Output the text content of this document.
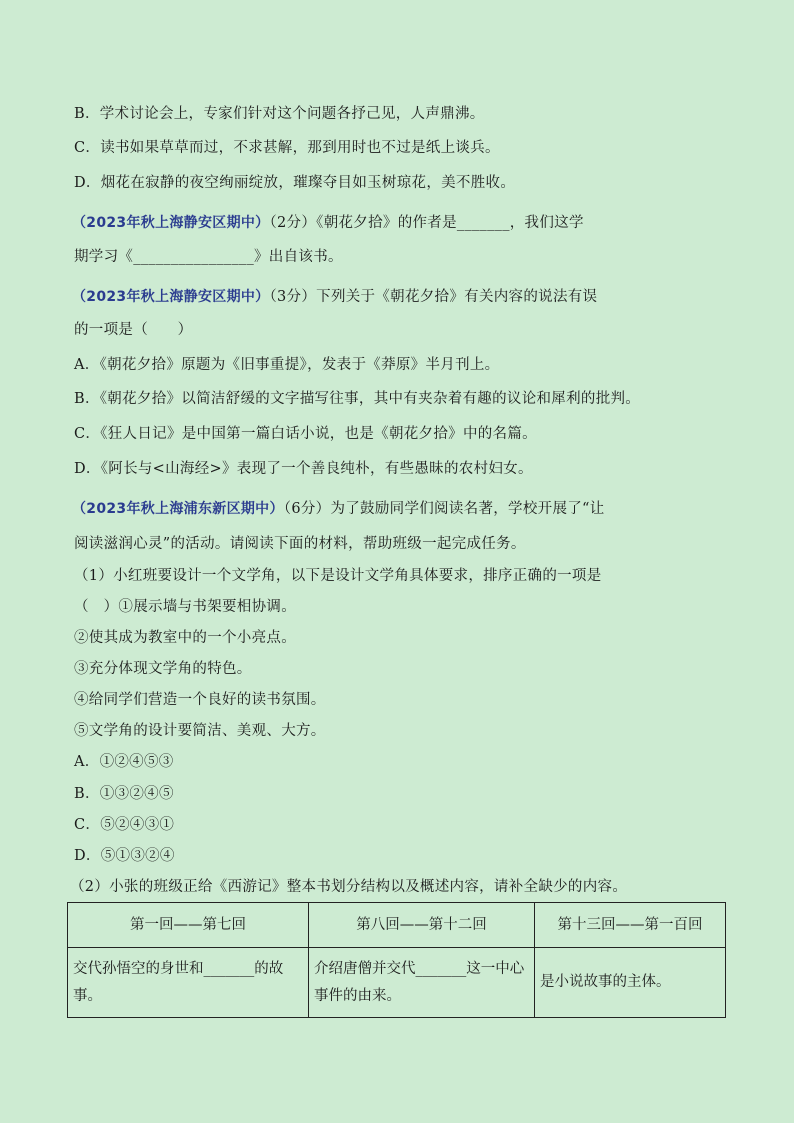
B．学术讨论会上，专家们针对这个问题各抒己见，人声鼎沸。
C．读书如果草草而过，不求甚解，那到用时也不过是纸上谈兵。
D．烟花在寂静的夜空绚丽绽放，璀璨夺目如玉树琼花，美不胜收。
（2023年秋上海静安区期中）（2分）《朝花夕拾》的作者是_______，我们这学
期学习《________________》出自该书。
（2023年秋上海静安区期中）（3分）下列关于《朝花夕拾》有关内容的说法有误
的一项是（　　）
A．《朝花夕拾》原题为《旧事重提》，发表于《莽原》半月刊上。
B．《朝花夕拾》以简洁舒缓的文字描写往事，其中有夹杂着有趣的议论和犀利的批判。
C．《狂人日记》是中国第一篇白话小说，也是《朝花夕拾》中的名篇。
D．《阿长与<山海经>》表现了一个善良纯朴，有些愚昧的农村妇女。
（2023年秋上海浦东新区期中）（6分）为了鼓励同学们阅读名著，学校开展了“让
阅读滋润心灵”的活动。请阅读下面的材料，帮助班级一起完成任务。
（1）小红班要设计一个文学角，以下是设计文学角具体要求，排序正确的一项是
（　）①展示墙与书架要相协调。
②使其成为教室中的一个小亮点。
③充分体现文学角的特色。
④给同学们营造一个良好的读书氛围。
⑤文学角的设计要简洁、美观、大方。
A．①②④⑤③
B．①③②④⑤
C．⑤②④③①
D．⑤①③②④
（2）小张的班级正给《西游记》整本书划分结构以及概述内容，请补全缺少的内容。
第一回——第七回	第八回——第十二回	第十三回——第一百回
交代孙悟空的身世和_______的故事。	介绍唐僧并交代_______这一中心事件的由来。	是小说故事的主体。
